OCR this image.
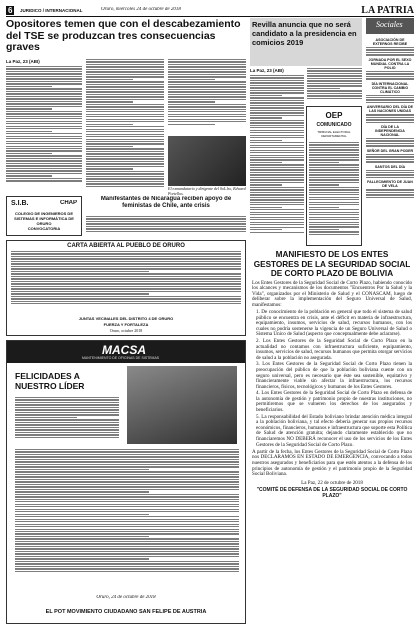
6	JURIDICO / INTERNACIONAL	Oruro, miércoles 24 de octubre de 2018	LA PATRIA
Opositores temen que con el descabezamiento del TSE se produzcan tres consecuencias graves
La Paz, 23 (ABI)
El exmandatario y dirigente del SoL.bo, Edward Portellos.
S.I.B.	CHAP
COLEGIO DE INGENIEROS DE SISTEMAS E INFORMÁTICA DE ORURO
CONVOCATORIA
Manifestantes de Nicaragua reciben apoyo de feministas de Chile, ante crisis
CARTA ABIERTA AL PUEBLO DE ORURO
JUNTAS VECINALES DEL DISTRITO 4 DE ORURO
FUERZA Y FORTALEZA
Oruro, octubre 2018
MACSA
MANTENIMIENTO DE OFICINAS DE SISTEMAS
FELICIDADES A NUESTRO LÍDER
Oruro, 24 de octubre de 2018
EL POT MOVIMIENTO CIUDADANO SAN FELIPE DE AUSTRIA
Revilla anuncia que no será candidato a la presidencia en comicios 2019
La Paz, 23 (ABI)
OEP
COMUNICADO
TRIBUNAL ELECTORAL DEPARTAMENTAL
Sociales
ASOCIACIÓN DE EXTERNOS RECIBE
JORNADA POR EL SEXO MUNDIAL CONTRA LA POLIO
DÍA INTERNACIONAL CONTRA EL CAMBIO CLIMÁTICO
ANIVERSARIO DEL DÍA DE LAS NACIONES UNIDAS
DÍA DE LA INDEPENDENCIA NACIONAL
SEÑOR DEL GRAN PODER
SANTOS DEL DÍA
FALLECIMIENTO DE JUAN DE VELA
MANIFIESTO DE LOS ENTES GESTORES DE LA SEGURIDAD SOCIAL DE CORTO PLAZO DE BOLIVIA
Los Entes Gestores de la Seguridad Social de Corto Plazo, habiendo conocido los alcances y mecanismos de los documentos "Encuentros Por la Salud y la Vida", organizados por el Ministerio de Salud y el CONASCAM, luego de deliberar sobre la implementación del Seguro Universal de Salud, manifestamos:
1. De conocimiento de la población en general que todo el sistema de salud público se encuentra en crisis, ante el déficit en materia de infraestructura, equipamiento, insumos, servicios de salud, recursos humanos, con los cuales no podría sostenerse la vigencia de un Seguro Universal de Salud o Sistema Único de Salud (aspecto que conceptualmente debe aclararse).
2. Los Entes Gestores de la Seguridad Social de Corto Plazo en la actualidad no contamos con infraestructura suficiente, equipamiento, insumos, servicios de salud, recursos humanos que permita otorgar servicios de salud a la población no asegurada.
3. Los Entes Gestores de la Seguridad Social de Corto Plazo tienen la preocupación del público de que la población boliviana cuente con un seguro universal, pero es necesario que éste sea sostenible, equitativo y financieramente viable sin afectar la infraestructura, los recursos financieros, físicos, tecnológicos y humanos de los Entes Gestores.
4. Los Entes Gestores de la Seguridad Social de Corto Plazo en defensa de la autonomía de gestión y patrimonio propio de nuestras instituciones, no permitiremos que se vulneren los derechos de los asegurados y beneficiarios.
5. La responsabilidad del Estado boliviano brindar atención médica integral a la población boliviana, y tal efecto debería generar sus propios recursos económicos, financieros, humanos e infraestructura que soporte esta Política de Salud de atención gratuita; dejando claramente establecido que no financiaremos NO DEBERÁ reconocer el uso de los servicios de los Entes Gestores de la Seguridad Social de Corto Plazo.
A partir de la fecha, los Entes Gestores de la Seguridad Social de Corto Plazo nos DECLARAMOS EN ESTADO DE EMERGENCIA, convocando a todos nuestros asegurados y beneficiarios para que estén atentos a la defensa de los principios de autonomía de gestión y el patrimonio propio de la Seguridad Social Boliviana.
La Paz, 22 de octubre de 2018
"COMITÉ DE DEFENSA DE LA SEGURIDAD SOCIAL DE CORTO PLAZO"
